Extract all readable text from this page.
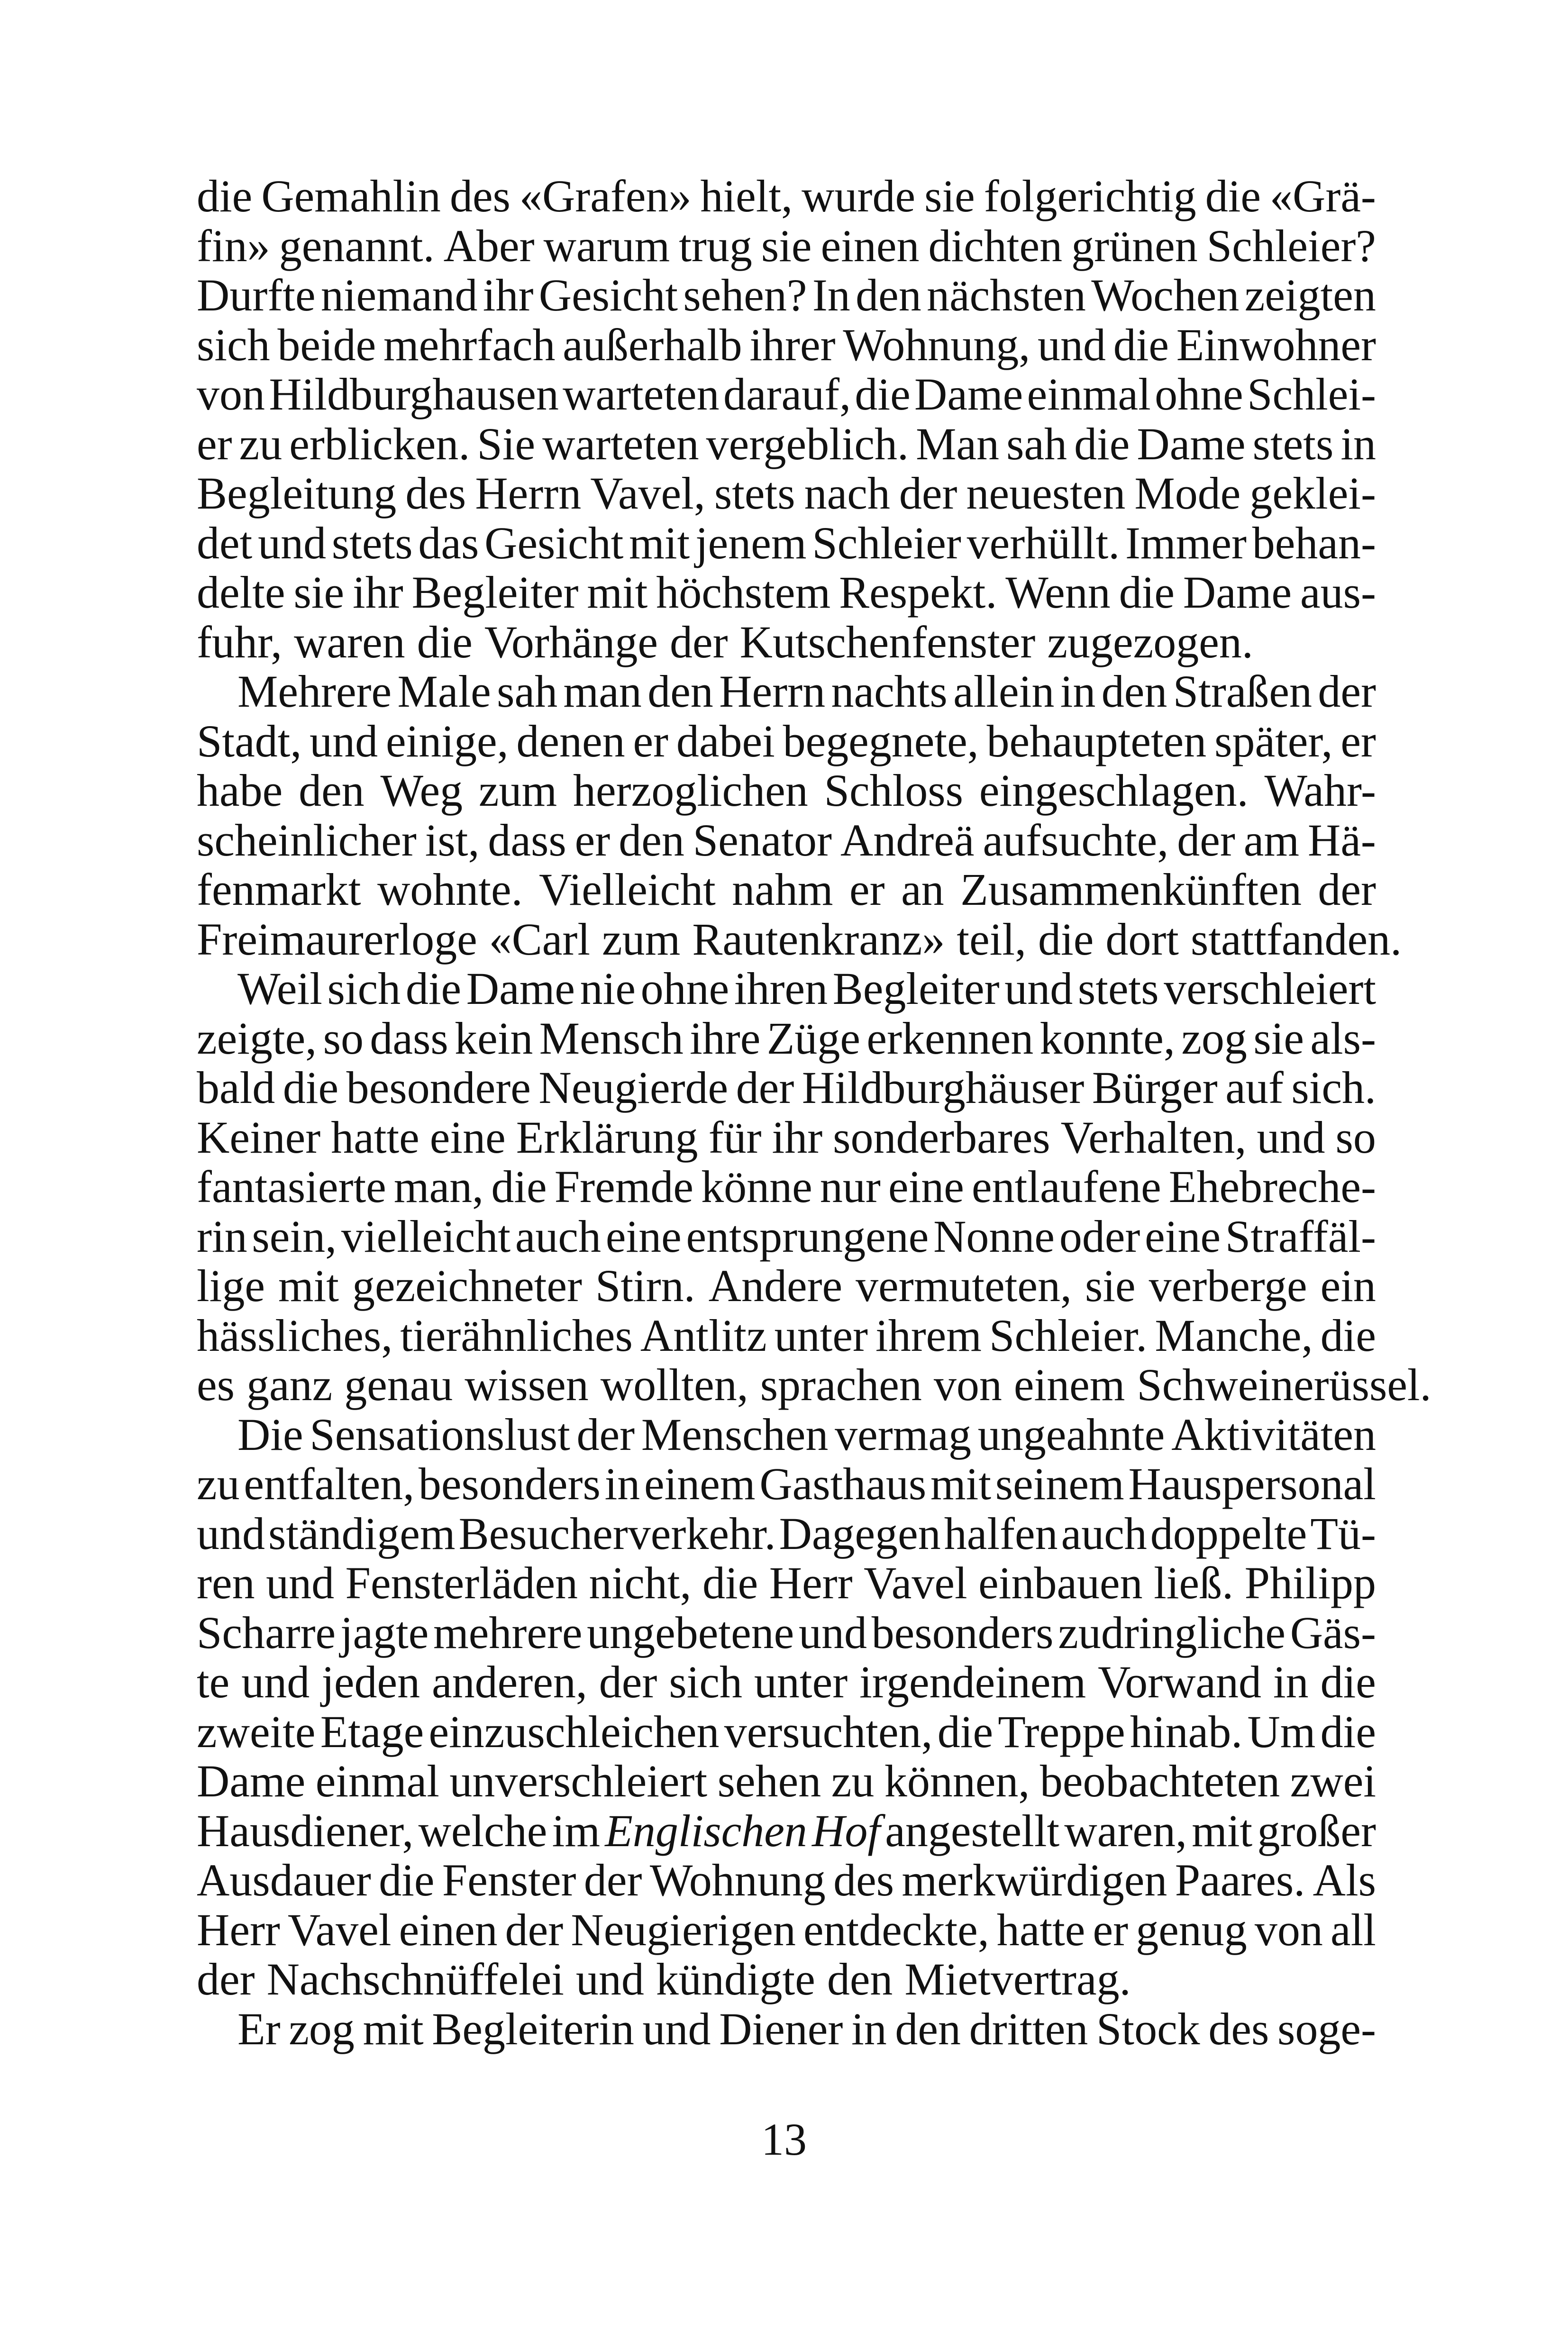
die Gemahlin des «Grafen» hielt, wurde sie folgerichtig die «Grä-
fin» genannt. Aber warum trug sie einen dichten grünen Schleier?
Durfte niemand ihr Gesicht sehen? In den nächsten Wochen zeigten
sich beide mehrfach außerhalb ihrer Wohnung, und die Einwohner
von Hildburghausen warteten darauf, die Dame einmal ohne Schlei-
er zu erblicken. Sie warteten vergeblich. Man sah die Dame stets in
Begleitung des Herrn Vavel, stets nach der neuesten Mode geklei-
det und stets das Gesicht mit jenem Schleier verhüllt. Immer behan-
delte sie ihr Begleiter mit höchstem Respekt. Wenn die Dame aus-
fuhr, waren die Vorhänge der Kutschenfenster zugezogen.
Mehrere Male sah man den Herrn nachts allein in den Straßen der
Stadt, und einige, denen er dabei begegnete, behaupteten später, er
habe den Weg zum herzoglichen Schloss eingeschlagen. Wahr-
scheinlicher ist, dass er den Senator Andreä aufsuchte, der am Hä-
fenmarkt wohnte. Vielleicht nahm er an Zusammenkünften der
Freimaurerloge «Carl zum Rautenkranz» teil, die dort stattfanden.
Weil sich die Dame nie ohne ihren Begleiter und stets verschleiert
zeigte, so dass kein Mensch ihre Züge erkennen konnte, zog sie als-
bald die besondere Neugierde der Hildburghäuser Bürger auf sich.
Keiner hatte eine Erklärung für ihr sonderbares Verhalten, und so
fantasierte man, die Fremde könne nur eine entlaufene Ehebreche-
rin sein, vielleicht auch eine entsprungene Nonne oder eine Straffäl-
lige mit gezeichneter Stirn. Andere vermuteten, sie verberge ein
hässliches, tierähnliches Antlitz unter ihrem Schleier. Manche, die
es ganz genau wissen wollten, sprachen von einem Schweinerüssel.
Die Sensationslust der Menschen vermag ungeahnte Aktivitäten
zu entfalten, besonders in einem Gasthaus mit seinem Hauspersonal
und ständigem Besucherverkehr. Dagegen halfen auch doppelte Tü-
ren und Fensterläden nicht, die Herr Vavel einbauen ließ. Philipp
Scharre jagte mehrere ungebetene und besonders zudringliche Gäs-
te und jeden anderen, der sich unter irgendeinem Vorwand in die
zweite Etage einzuschleichen versuchten, die Treppe hinab. Um die
Dame einmal unverschleiert sehen zu können, beobachteten zwei
Hausdiener, welche im Englischen Hof angestellt waren, mit großer
Ausdauer die Fenster der Wohnung des merkwürdigen Paares. Als
Herr Vavel einen der Neugierigen entdeckte, hatte er genug von all
der Nachschnüffelei und kündigte den Mietvertrag.
Er zog mit Begleiterin und Diener in den dritten Stock des soge-
13
